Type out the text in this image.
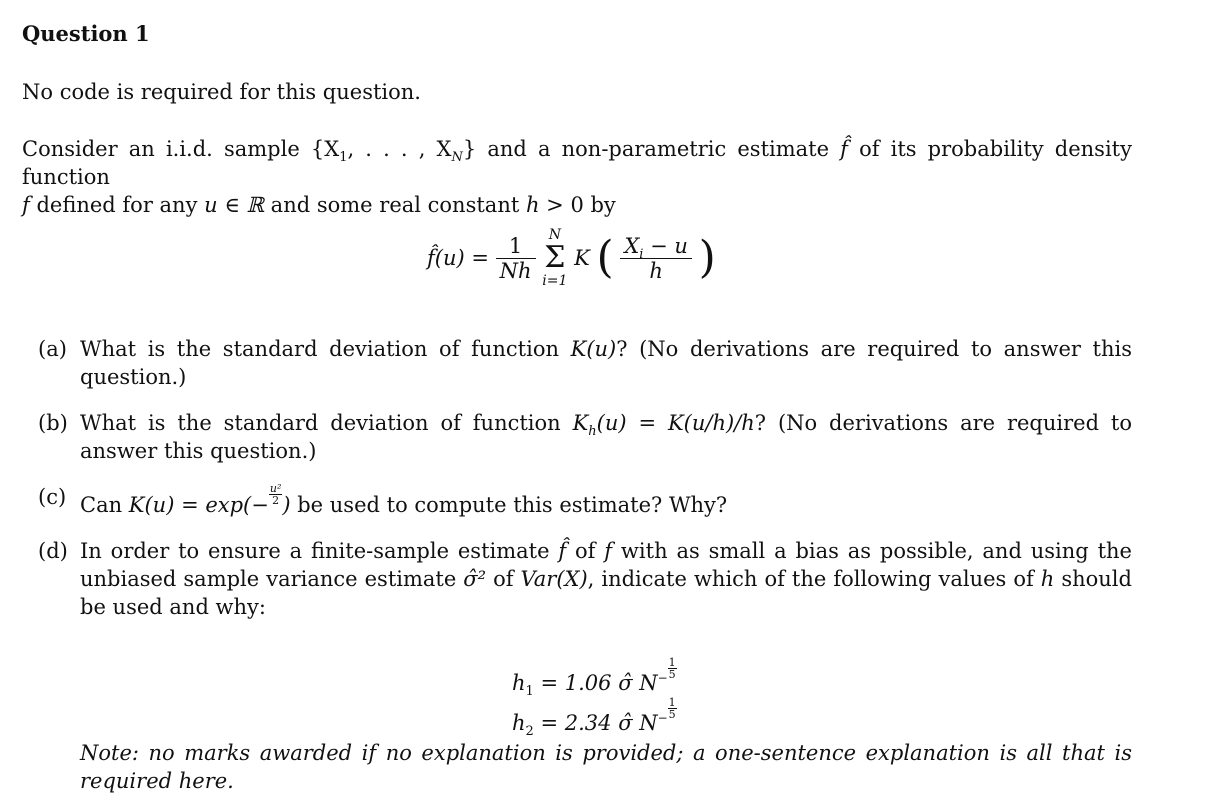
Question 1

No code is required for this question.

Consider an i.i.d. sample {$X_1$, . . . , $X_N$} and a non-parametric estimate f̂ of its probability density function
f defined for any u ∈ ℝ and some real constant h > 0 by

f̂(u) = $\frac{1}{Nh}$
N
Σ
i=1
K ( $\frac{X_i - u}{h}$ )
(a) What is the standard deviation of function K(u)? (No derivations are required to answer this question.)
(b) What is the standard deviation of function $K_h(u) = K(u/h)/h$? (No derivations are required to answer this question.)
(c) Can $K(u) = \exp(- \frac{\text{u²}}{2}$ ) be used to compute this estimate? Why?
(d) In order to ensure a finite-sample estimate f̂ of f with as small a bias as possible, and using the unbiased sample variance estimate σ̂² of Var(X), indicate which of the following values of h should be used and why:
$h_1 = 1.06$ σ̂ $N^- \frac{1}{5}$
$h_2 = 2.34$ σ̂ $N^- \frac{1}{5}$

Note: no marks awarded if no explanation is provided; a one-sentence explanation is all that is required here.
